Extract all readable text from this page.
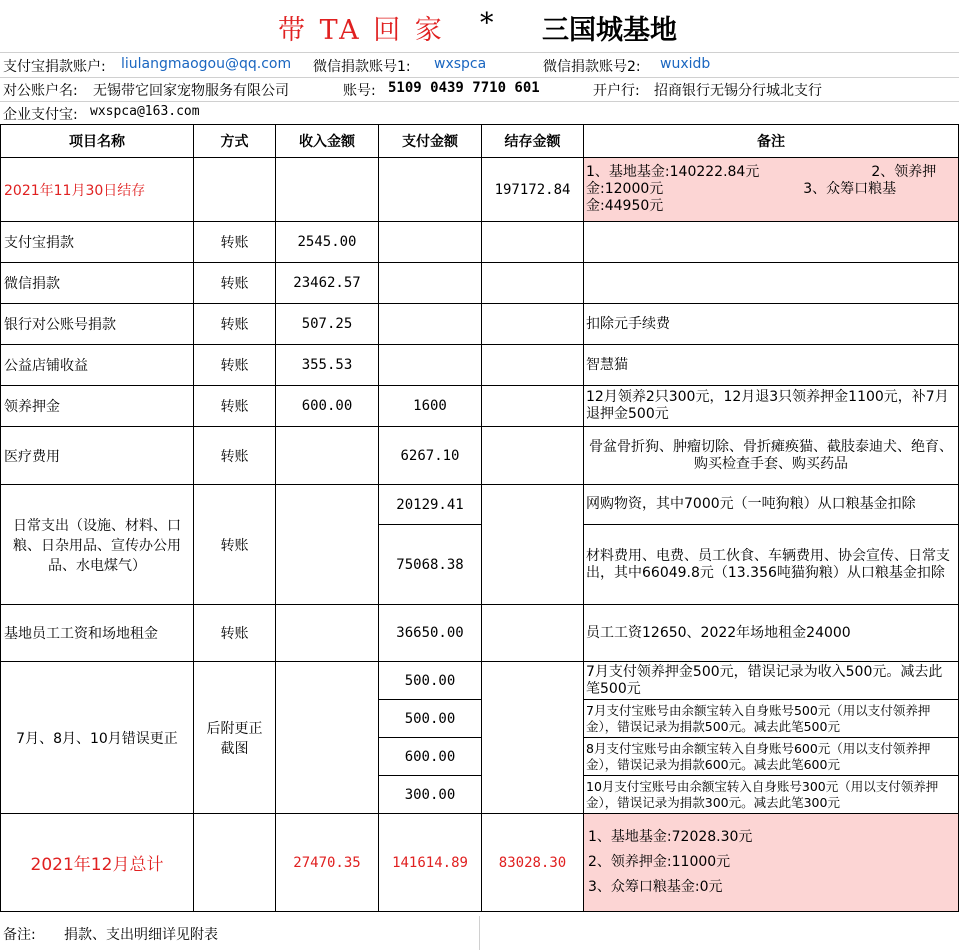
带 TA 回 家 * 三国城基地
支付宝捐款账户: liulangmaogou@qq.com 微信捐款账号1: wxspca	微信捐款账号2: wuxidb
对公账户名: 无锡带它回家宠物服务有限公司	账号: 5109 0439 7710 601	开户行: 招商银行无锡分行城北支行
企业支付宝: wxspca@163.com
项目名称	方式	收入金额	支付金额	结存金额	备注
2021年11月30日结存				197172.84	1、基地基金:140222.84元　　　　　　　　2、领养押金:12000元　　　　　　　　　　3、众筹口粮基金:44950元
支付宝捐款	转账	2545.00			
微信捐款	转账	23462.57			
银行对公账号捐款	转账	507.25			扣除元手续费
公益店铺收益	转账	355.53			智慧猫
领养押金	转账	600.00	1600		12月领养2只300元，12月退3只领养押金1100元，补7月退押金500元
医疗费用	转账		6267.10		骨盆骨折狗、肿瘤切除、骨折瘫痪猫、截肢泰迪犬、绝育、购买检查手套、购买药品
日常支出（设施、材料、口粮、日杂用品、宣传办公用品、水电煤气）	转账		20129.41		网购物资，其中7000元（一吨狗粮）从口粮基金扣除
			75068.38		材料费用、电费、员工伙食、车辆费用、协会宣传、日常支出，其中66049.8元（13.356吨猫狗粮）从口粮基金扣除
基地员工工资和场地租金	转账		36650.00		员工工资12650、2022年场地租金24000
7月、8月、10月错误更正	后附更正截图		500.00		7月支付领养押金500元，错误记录为收入500元。减去此笔500元
			500.00		7月支付宝账号由余额宝转入自身账号500元（用以支付领养押金），错误记录为捐款500元。减去此笔500元
			600.00		8月支付宝账号由余额宝转入自身账号600元（用以支付领养押金），错误记录为捐款600元。减去此笔600元
			300.00		10月支付宝账号由余额宝转入自身账号300元（用以支付领养押金），错误记录为捐款300元。减去此笔300元
2021年12月总计		27470.35	141614.89	83028.30	1、基地基金:72028.30元
2、领养押金:11000元
3、众筹口粮基金:0元
备注: 捐款、支出明细详见附表
